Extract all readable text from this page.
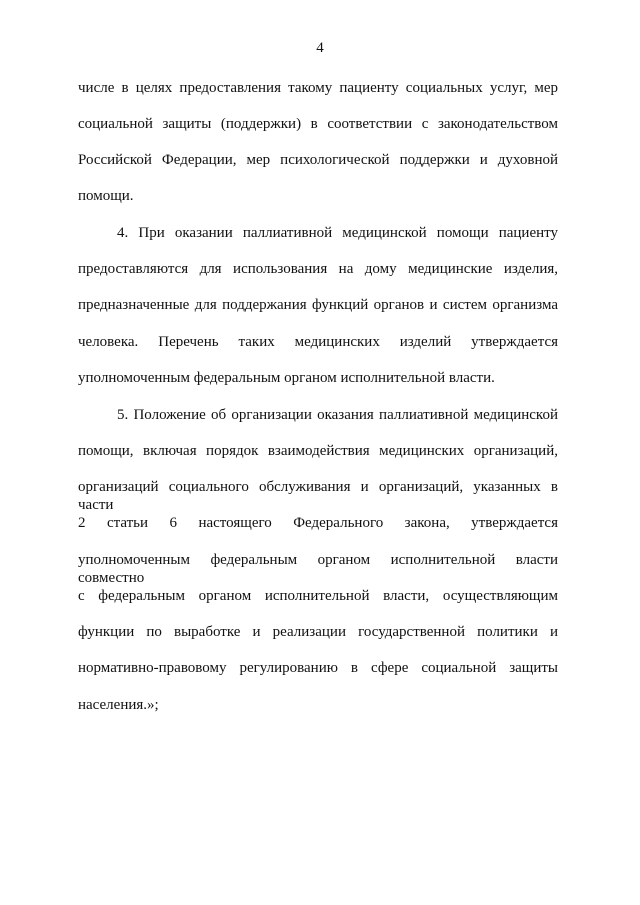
4
числе в целях предоставления такому пациенту социальных услуг, мер
социальной защиты (поддержки) в соответствии с законодательством
Российской Федерации, мер психологической поддержки и духовной
помощи.
4. При оказании паллиативной медицинской помощи пациенту
предоставляются для использования на дому медицинские изделия,
предназначенные для поддержания функций органов и систем организма
человека. Перечень таких медицинских изделий утверждается
уполномоченным федеральным органом исполнительной власти.
5. Положение об организации оказания паллиативной медицинской
помощи, включая порядок взаимодействия медицинских организаций,
организаций социального обслуживания и организаций, указанных в части
2 статьи 6 настоящего Федерального закона, утверждается
уполномоченным федеральным органом исполнительной власти совместно
с федеральным органом исполнительной власти, осуществляющим
функции по выработке и реализации государственной политики и
нормативно-правовому регулированию в сфере социальной защиты
населения.»;
